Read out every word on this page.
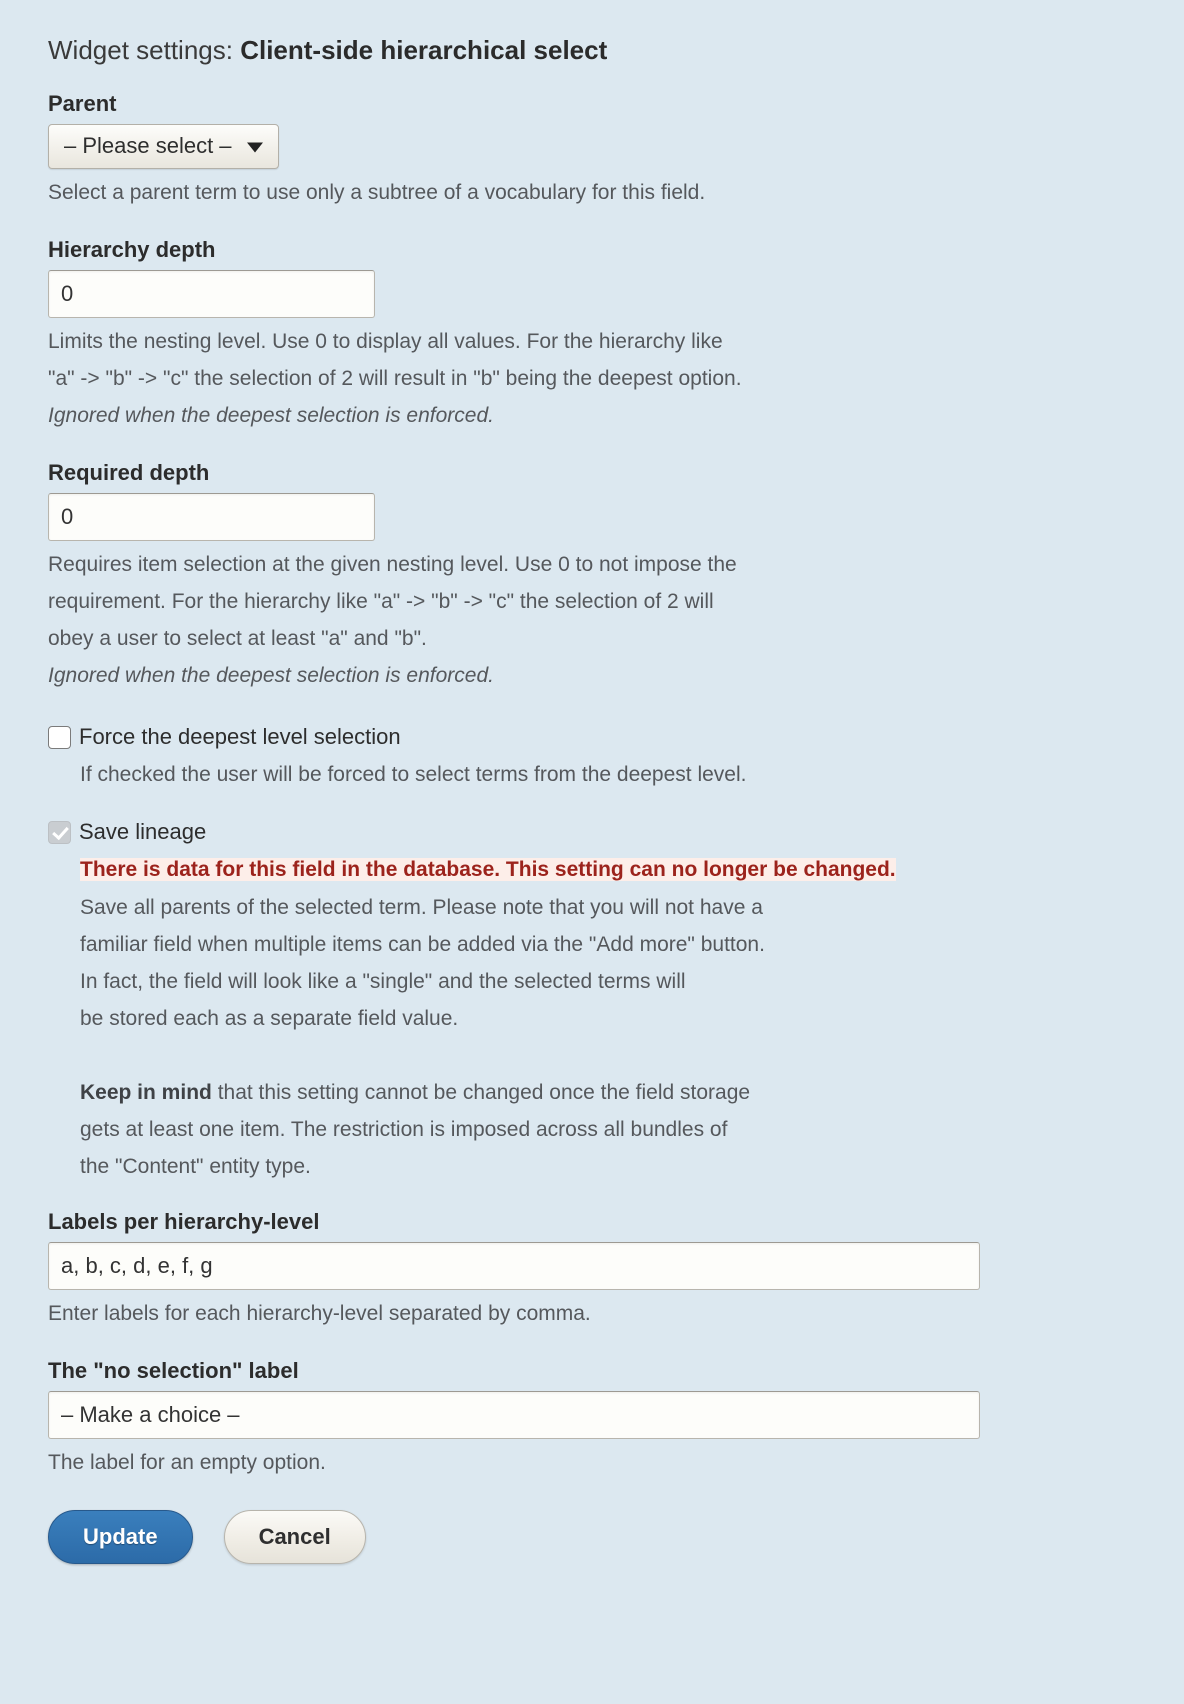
Widget settings: Client-side hierarchical select
Parent
– Please select –
Select a parent term to use only a subtree of a vocabulary for this field.
Hierarchy depth
0
Limits the nesting level. Use 0 to display all values. For the hierarchy like
"a" -> "b" -> "c" the selection of 2 will result in "b" being the deepest option.
Ignored when the deepest selection is enforced.
Required depth
0
Requires item selection at the given nesting level. Use 0 to not impose the
requirement. For the hierarchy like "a" -> "b" -> "c" the selection of 2 will
obey a user to select at least "a" and "b".
Ignored when the deepest selection is enforced.
Force the deepest level selection
If checked the user will be forced to select terms from the deepest level.
Save lineage
There is data for this field in the database. This setting can no longer be changed.
Save all parents of the selected term. Please note that you will not have a
familiar field when multiple items can be added via the "Add more" button.
In fact, the field will look like a "single" and the selected terms will
be stored each as a separate field value.
Keep in mind that this setting cannot be changed once the field storage
gets at least one item. The restriction is imposed across all bundles of
the "Content" entity type.
Labels per hierarchy-level
a, b, c, d, e, f, g
Enter labels for each hierarchy-level separated by comma.
The "no selection" label
– Make a choice –
The label for an empty option.
Update	Cancel
